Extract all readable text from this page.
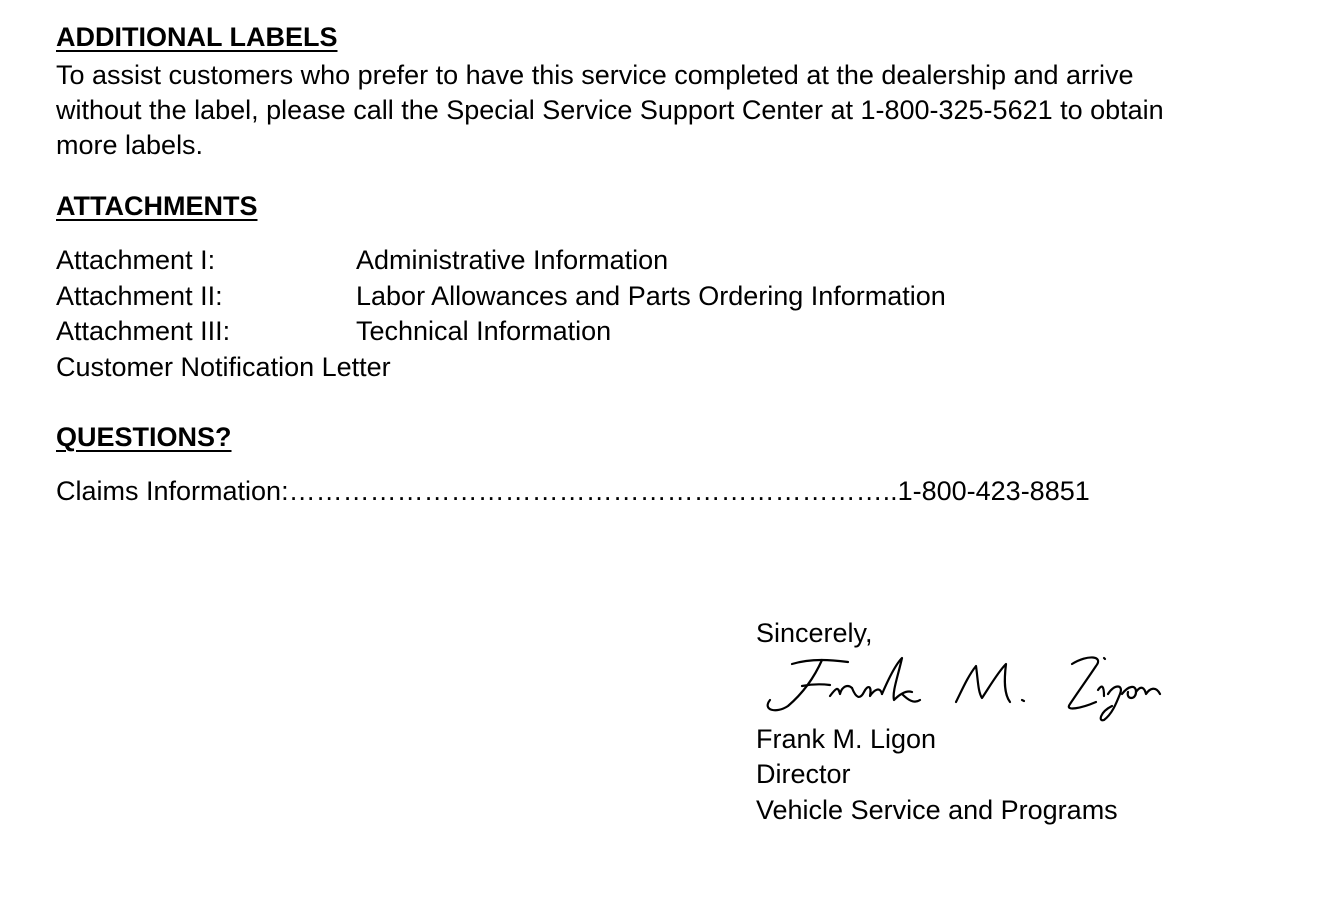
ADDITIONAL LABELS

To assist customers who prefer to have this service completed at the dealership and arrive
without the label, please call the Special Service Support Center at 1-800-325-5621 to obtain
more labels.

ATTACHMENTS
Attachment I:	Administrative Information
Attachment II:	Labor Allowances and Parts Ordering Information
Attachment III:	Technical Information
Customer Notification Letter
QUESTIONS?
Claims Information:…………………………………………………………..1-800-423-8851
Sincerely,
Frank M. Ligon
Director
Vehicle Service and Programs
